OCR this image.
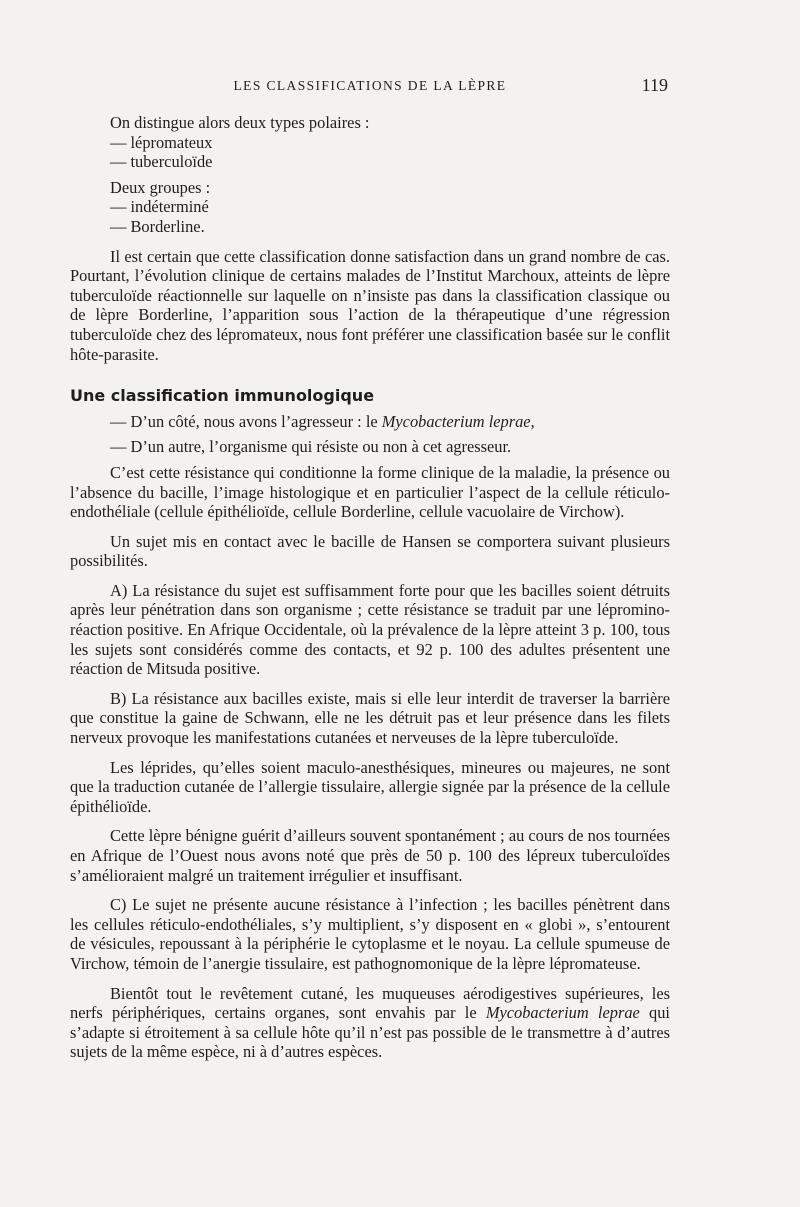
LES CLASSIFICATIONS DE LA LÈPRE	119
On distingue alors deux types polaires :
— lépromateux
— tuberculoïde
Deux groupes :
— indéterminé
— Borderline.

Il est certain que cette classification donne satisfaction dans un grand nombre de cas. Pourtant, l’évolution clinique de certains malades de l’Institut Marchoux, atteints de lèpre tuberculoïde réactionnelle sur laquelle on n’insiste pas dans la classification classique ou de lèpre Borderline, l’apparition sous l’action de la thérapeutique d’une régression tuberculoïde chez des lépromateux, nous font préférer une classification basée sur le conflit hôte-parasite.

Une classification immunologique
— D’un côté, nous avons l’agresseur : le Mycobacterium leprae,
— D’un autre, l’organisme qui résiste ou non à cet agresseur.

C’est cette résistance qui conditionne la forme clinique de la maladie, la présence ou l’absence du bacille, l’image histologique et en particulier l’aspect de la cellule réticulo-endothéliale (cellule épithélioïde, cellule Borderline, cellule vacuolaire de Virchow).

Un sujet mis en contact avec le bacille de Hansen se comportera suivant plusieurs possibilités.

A) La résistance du sujet est suffisamment forte pour que les bacilles soient détruits après leur pénétration dans son organisme ; cette résistance se traduit par une lépromino-réaction positive. En Afrique Occidentale, où la prévalence de la lèpre atteint 3 p. 100, tous les sujets sont considérés comme des contacts, et 92 p. 100 des adultes présentent une réaction de Mitsuda positive.

B) La résistance aux bacilles existe, mais si elle leur interdit de traverser la barrière que constitue la gaine de Schwann, elle ne les détruit pas et leur présence dans les filets nerveux provoque les manifestations cutanées et nerveuses de la lèpre tuberculoïde.

Les léprides, qu’elles soient maculo-anesthésiques, mineures ou majeures, ne sont que la traduction cutanée de l’allergie tissulaire, allergie signée par la présence de la cellule épithélioïde.

Cette lèpre bénigne guérit d’ailleurs souvent spontanément ; au cours de nos tournées en Afrique de l’Ouest nous avons noté que près de 50 p. 100 des lépreux tuberculoïdes s’amélioraient malgré un traitement irrégulier et insuffisant.

C) Le sujet ne présente aucune résistance à l’infection ; les bacilles pénètrent dans les cellules réticulo-endothéliales, s’y multiplient, s’y disposent en « globi », s’entourent de vésicules, repoussant à la périphérie le cytoplasme et le noyau. La cellule spumeuse de Virchow, témoin de l’anergie tissulaire, est pathognomonique de la lèpre lépromateuse.

Bientôt tout le revêtement cutané, les muqueuses aérodigestives supérieures, les nerfs périphériques, certains organes, sont envahis par le Mycobacterium leprae qui s’adapte si étroitement à sa cellule hôte qu’il n’est pas possible de le transmettre à d’autres sujets de la même espèce, ni à d’autres espèces.
